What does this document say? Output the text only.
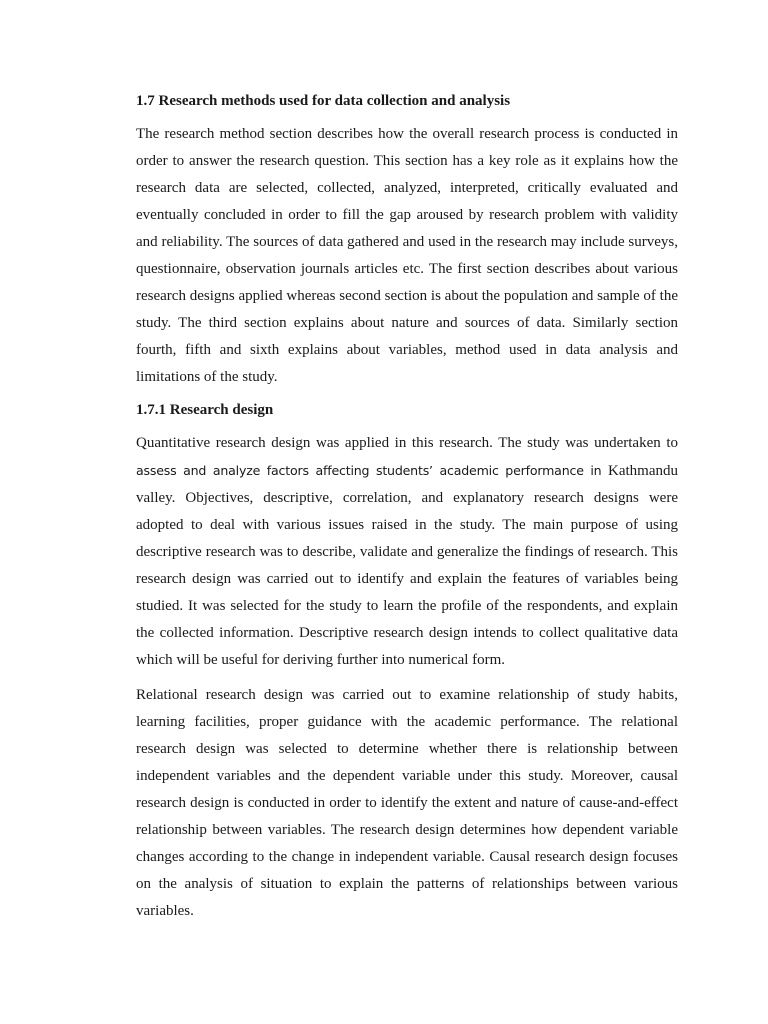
1.7 Research methods used for data collection and analysis

The research method section describes how the overall research process is conducted in order to answer the research question. This section has a key role as it explains how the research data are selected, collected, analyzed, interpreted, critically evaluated and eventually concluded in order to fill the gap aroused by research problem with validity and reliability. The sources of data gathered and used in the research may include surveys, questionnaire, observation journals articles etc. The first section describes about various research designs applied whereas second section is about the population and sample of the study. The third section explains about nature and sources of data. Similarly section fourth, fifth and sixth explains about variables, method used in data analysis and limitations of the study.

1.7.1 Research design

Quantitative research design was applied in this research. The study was undertaken to assess and analyze factors affecting students’ academic performance in Kathmandu valley. Objectives, descriptive, correlation, and explanatory research designs were adopted to deal with various issues raised in the study. The main purpose of using descriptive research was to describe, validate and generalize the findings of research. This research design was carried out to identify and explain the features of variables being studied. It was selected for the study to learn the profile of the respondents, and explain the collected information. Descriptive research design intends to collect qualitative data which will be useful for deriving further into numerical form.

Relational research design was carried out to examine relationship of study habits, learning facilities, proper guidance with the academic performance. The relational research design was selected to determine whether there is relationship between independent variables and the dependent variable under this study. Moreover, causal research design is conducted in order to identify the extent and nature of cause-and-effect relationship between variables. The research design determines how dependent variable changes according to the change in independent variable. Causal research design focuses on the analysis of situation to explain the patterns of relationships between various variables.
